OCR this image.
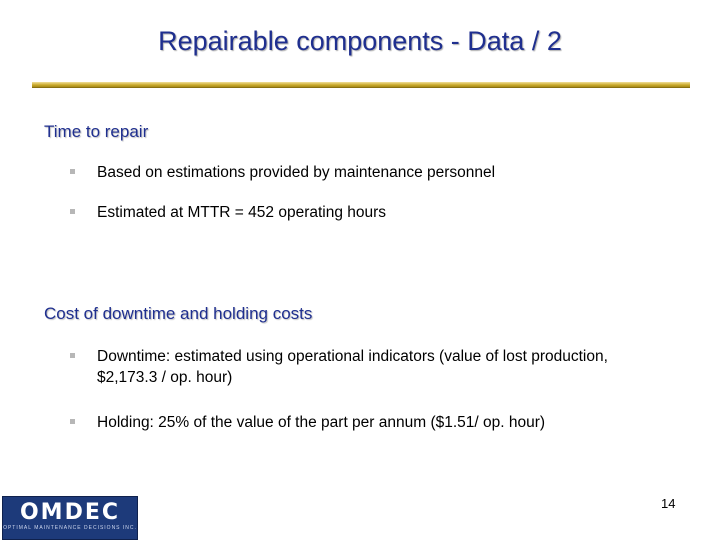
Repairable components - Data / 2
Time to repair
Based on estimations provided by maintenance personnel
Estimated at MTTR = 452 operating hours
Cost of downtime and holding costs
Downtime: estimated using operational indicators (value of lost production, $2,173.3 / op. hour)
Holding: 25% of the value of the part per annum ($1.51/ op. hour)
OMDEC
OPTIMAL MAINTENANCE DECISIONS INC.
14
